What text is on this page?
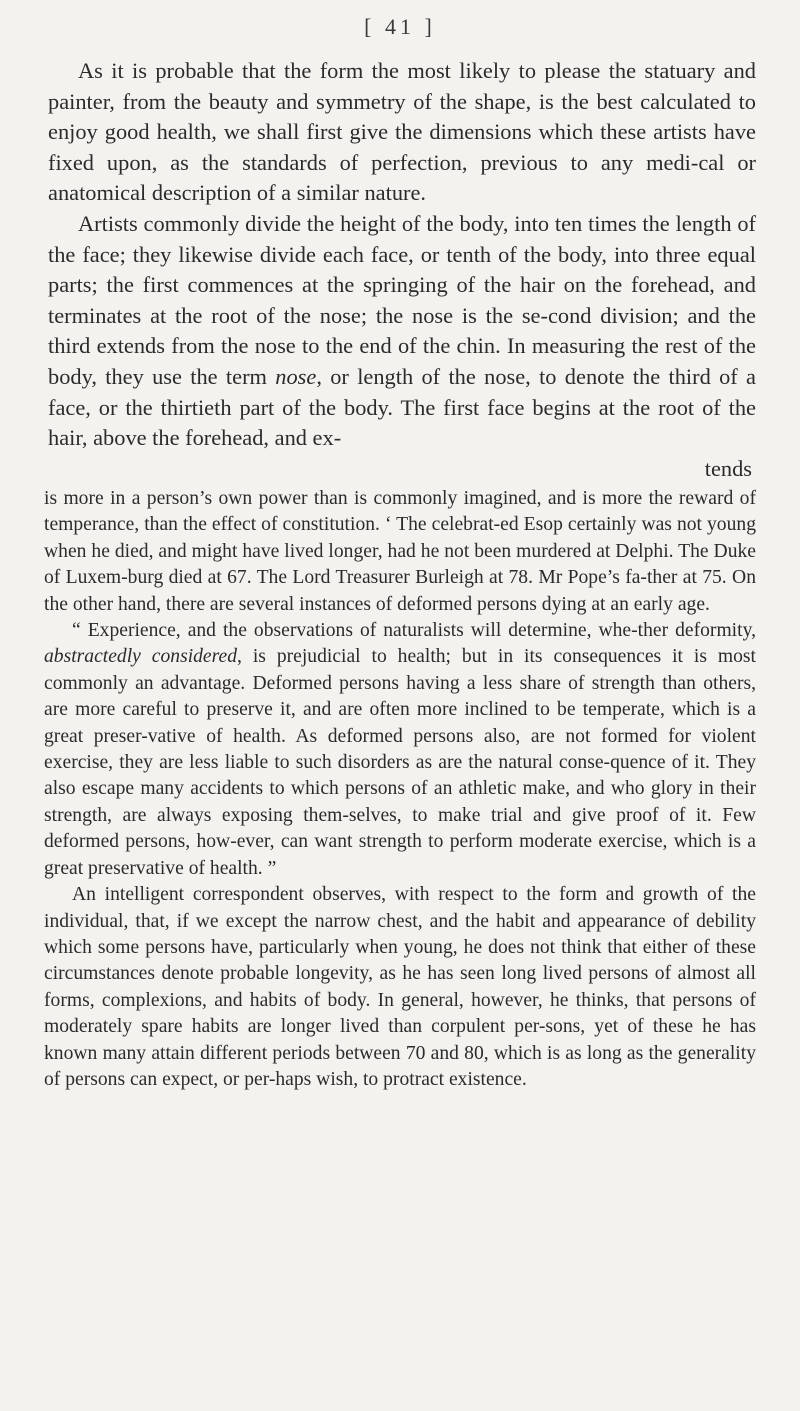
[ 41 ]

As it is probable that the form the most likely to please the statuary and painter, from the beauty and symmetry of the shape, is the best calculated to enjoy good health, we shall first give the dimensions which these artists have fixed upon, as the standards of perfection, previous to any medi-cal or anatomical description of a similar nature.

Artists commonly divide the height of the body, into ten times the length of the face; they likewise divide each face, or tenth of the body, into three equal parts; the first commences at the springing of the hair on the forehead, and terminates at the root of the nose; the nose is the se-cond division; and the third extends from the nose to the end of the chin. In measuring the rest of the body, they use the term nose, or length of the nose, to denote the third of a face, or the thirtieth part of the body. The first face begins at the root of the hair, above the forehead, and ex-

tends

is more in a person’s own power than is commonly imagined, and is more the reward of temperance, than the effect of constitution. ‘ The celebrat-ed Esop certainly was not young when he died, and might have lived longer, had he not been murdered at Delphi. The Duke of Luxem-burg died at 67. The Lord Treasurer Burleigh at 78. Mr Pope’s fa-ther at 75. On the other hand, there are several instances of deformed persons dying at an early age.

“ Experience, and the observations of naturalists will determine, whe-ther deformity, abstractedly considered, is prejudicial to health; but in its consequences it is most commonly an advantage. Deformed persons having a less share of strength than others, are more careful to preserve it, and are often more inclined to be temperate, which is a great preser-vative of health. As deformed persons also, are not formed for violent exercise, they are less liable to such disorders as are the natural conse-quence of it. They also escape many accidents to which persons of an athletic make, and who glory in their strength, are always exposing them-selves, to make trial and give proof of it. Few deformed persons, how-ever, can want strength to perform moderate exercise, which is a great preservative of health. ”

An intelligent correspondent observes, with respect to the form and growth of the individual, that, if we except the narrow chest, and the habit and appearance of debility which some persons have, particularly when young, he does not think that either of these circumstances denote probable longevity, as he has seen long lived persons of almost all forms, complexions, and habits of body. In general, however, he thinks, that persons of moderately spare habits are longer lived than corpulent per-sons, yet of these he has known many attain different periods between 70 and 80, which is as long as the generality of persons can expect, or per-haps wish, to protract existence.
